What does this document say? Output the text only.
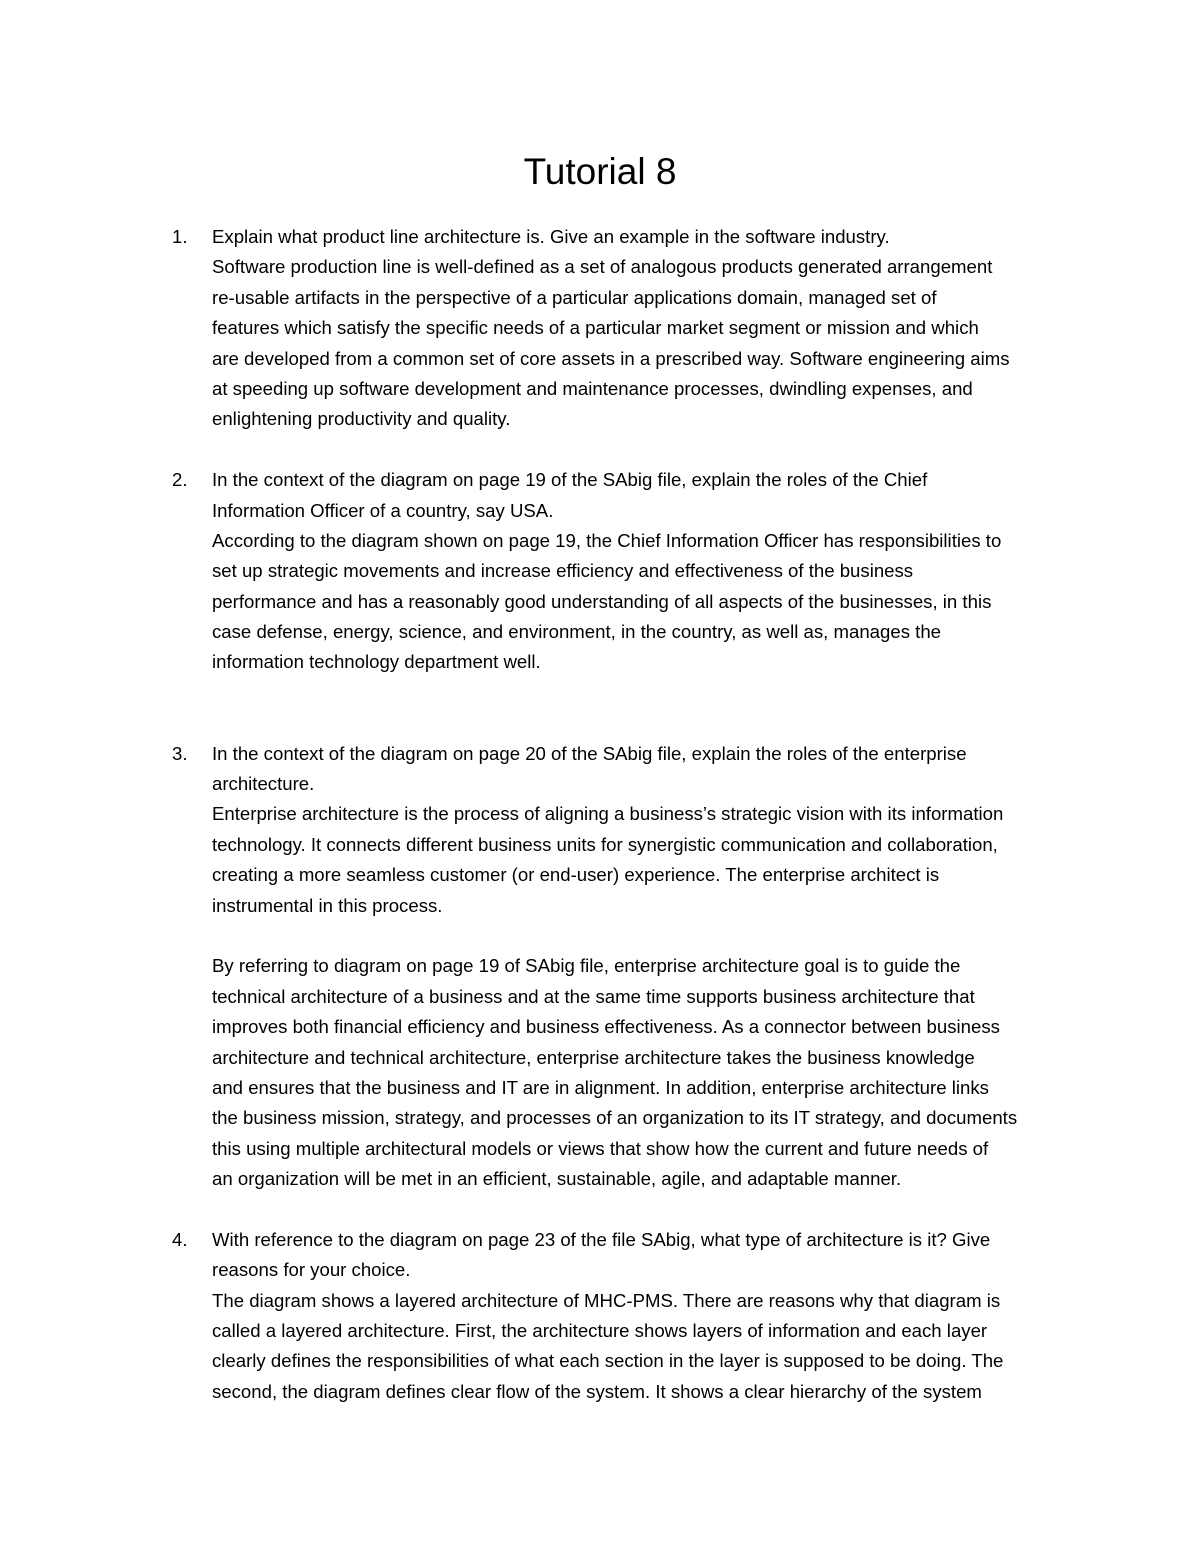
Tutorial 8
1.	Explain what product line architecture is. Give an example in the software industry.
Software production line is well-defined as a set of analogous products generated arrangement
re-usable artifacts in the perspective of a particular applications domain, managed set of
features which satisfy the specific needs of a particular market segment or mission and which
are developed from a common set of core assets in a prescribed way. Software engineering aims
at speeding up software development and maintenance processes, dwindling expenses, and
enlightening productivity and quality.
2.	In the context of the diagram on page 19 of the SAbig file, explain the roles of the Chief
Information Officer of a country, say USA.
According to the diagram shown on page 19, the Chief Information Officer has responsibilities to
set up strategic movements and increase efficiency and effectiveness of the business
performance and has a reasonably good understanding of all aspects of the businesses, in this
case defense, energy, science, and environment, in the country, as well as, manages the
information technology department well.
3.	In the context of the diagram on page 20 of the SAbig file, explain the roles of the enterprise
architecture.
Enterprise architecture is the process of aligning a business’s strategic vision with its information
technology. It connects different business units for synergistic communication and collaboration,
creating a more seamless customer (or end-user) experience. The enterprise architect is
instrumental in this process.
By referring to diagram on page 19 of SAbig file, enterprise architecture goal is to guide the
technical architecture of a business and at the same time supports business architecture that
improves both financial efficiency and business effectiveness. As a connector between business
architecture and technical architecture, enterprise architecture takes the business knowledge
and ensures that the business and IT are in alignment. In addition, enterprise architecture links
the business mission, strategy, and processes of an organization to its IT strategy, and documents
this using multiple architectural models or views that show how the current and future needs of
an organization will be met in an efficient, sustainable, agile, and adaptable manner.
4.	With reference to the diagram on page 23 of the file SAbig, what type of architecture is it? Give
reasons for your choice.
The diagram shows a layered architecture of MHC-PMS. There are reasons why that diagram is
called a layered architecture. First, the architecture shows layers of information and each layer
clearly defines the responsibilities of what each section in the layer is supposed to be doing. The
second, the diagram defines clear flow of the system. It shows a clear hierarchy of the system
